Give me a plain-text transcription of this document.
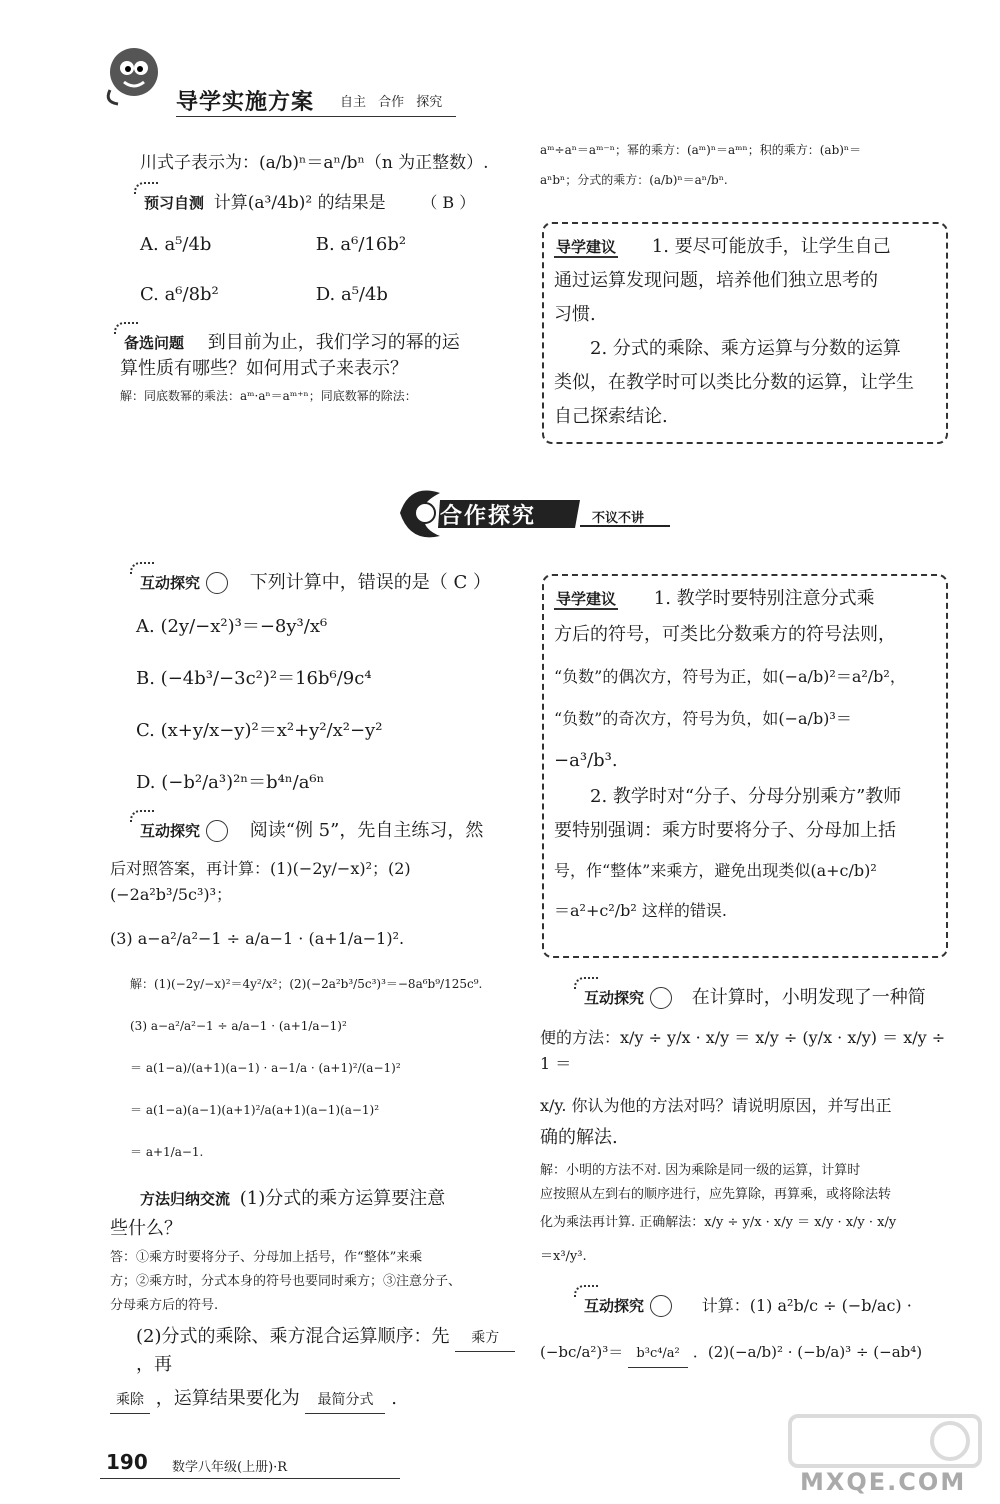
导学实施方案 自主 合作 探究

川式子表示为：(a/b)ⁿ＝aⁿ/bⁿ（n 为正整数）.

预习自测 计算(a³/4b)² 的结果是 （ B ）

A. a⁵/4b	B. a⁶/16b²

C. a⁶/8b²	D. a⁵/4b

备选问题 到目前为止，我们学习的幂的运

算性质有哪些？如何用式子来表示？

解：同底数幂的乘法：aᵐ·aⁿ＝aᵐ⁺ⁿ；同底数幂的除法：

aᵐ÷aⁿ＝aᵐ⁻ⁿ；幂的乘方：(aᵐ)ⁿ＝aᵐⁿ；积的乘方：(ab)ⁿ＝

aⁿbⁿ；分式的乘方：(a/b)ⁿ＝aⁿ/bⁿ.

导学建议 1. 要尽可能放手，让学生自己

通过运算发现问题，培养他们独立思考的

习惯.

2. 分式的乘除、乘方运算与分数的运算

类似，在教学时可以类比分数的运算，让学生

自己探索结论.

合作探究	不议不讲

互动探究	下列计算中，错误的是（ C ）

A. (2y/−x²)³＝−8y³/x⁶

B. (−4b³/−3c²)²＝16b⁶/9c⁴

C. (x+y/x−y)²＝x²+y²/x²−y²

D. (−b²/a³)²ⁿ＝b⁴ⁿ/a⁶ⁿ

互动探究	阅读“例 5”，先自主练习，然

后对照答案，再计算：(1)(−2y/−x)²；(2)(−2a²b³/5c³)³；

(3) a−a²/a²−1 ÷ a/a−1 · (a+1/a−1)².

解：(1)(−2y/−x)²＝4y²/x²；(2)(−2a²b³/5c³)³＝−8a⁶b⁹/125c⁹.

(3) a−a²/a²−1 ÷ a/a−1 · (a+1/a−1)²

＝ a(1−a)/(a+1)(a−1) · a−1/a · (a+1)²/(a−1)²

＝ a(1−a)(a−1)(a+1)²/a(a+1)(a−1)(a−1)²

＝ a+1/a−1.

方法归纳交流 (1)分式的乘方运算要注意

些什么？

答：①乘方时要将分子、分母加上括号，作“整体”来乘

方；②乘方时，分式本身的符号也要同时乘方；③注意分子、

分母乘方后的符号.

(2)分式的乘除、乘方混合运算顺序：先 乘方，再

乘除 ，运算结果要化为 最简分式 .

导学建议 1. 教学时要特别注意分式乘

方后的符号，可类比分数乘方的符号法则，

“负数”的偶次方，符号为正，如(−a/b)²＝a²/b²，

“负数”的奇次方，符号为负，如(−a/b)³＝

−a³/b³.

2. 教学时对“分子、分母分别乘方”教师

要特别强调：乘方时要将分子、分母加上括

号，作“整体”来乘方，避免出现类似(a+c/b)²

＝a²+c²/b² 这样的错误.

互动探究	在计算时，小明发现了一种简

便的方法：x/y ÷ y/x · x/y ＝ x/y ÷ (y/x · x/y) ＝ x/y ÷ 1 ＝

x/y. 你认为他的方法对吗？请说明原因，并写出正

确的解法.

解：小明的方法不对. 因为乘除是同一级的运算，计算时

应按照从左到右的顺序进行，应先算除，再算乘，或将除法转

化为乘法再计算. 正确解法：x/y ÷ y/x · x/y ＝ x/y · x/y · x/y

＝x³/y³.

互动探究	计算：(1) a²b/c ÷ (−b/ac) ·

(−bc/a²)³＝ b³c⁴/a² ．(2)(−a/b)² · (−b/a)³ ÷ (−ab⁴)

190 数学八年级(上册)·R
MXQE.COM
